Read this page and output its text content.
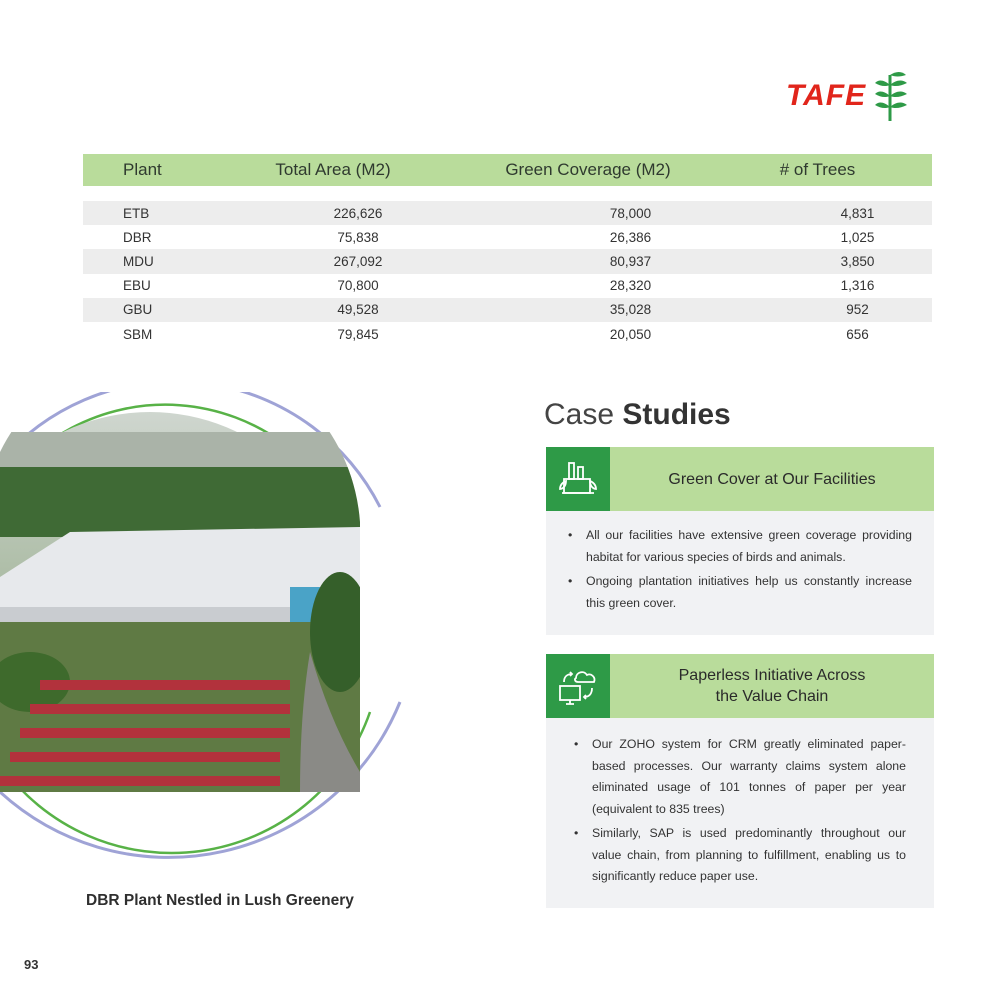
TAFE
Plant	Total Area (M2)	Green Coverage (M2)	# of Trees
ETB	226,626	78,000	4,831
DBR	75,838	26,386	1,025
MDU	267,092	80,937	3,850
EBU	70,800	28,320	1,316
GBU	49,528	35,028	952
SBM	79,845	20,050	656
DBR Plant Nestled in Lush Greenery
Case Studies
Green Cover at Our Facilities
• All our facilities have extensive green coverage providing habitat for various species of birds and animals.
• Ongoing plantation initiatives help us constantly increase this green cover.
Paperless Initiative Across
the Value Chain
• Our ZOHO system for CRM greatly eliminated paper-based processes. Our warranty claims system alone eliminated usage of 101 tonnes of paper per year (equivalent to 835 trees)
• Similarly, SAP is used predominantly throughout our value chain, from planning to fulfillment, enabling us to significantly reduce paper use.
93
